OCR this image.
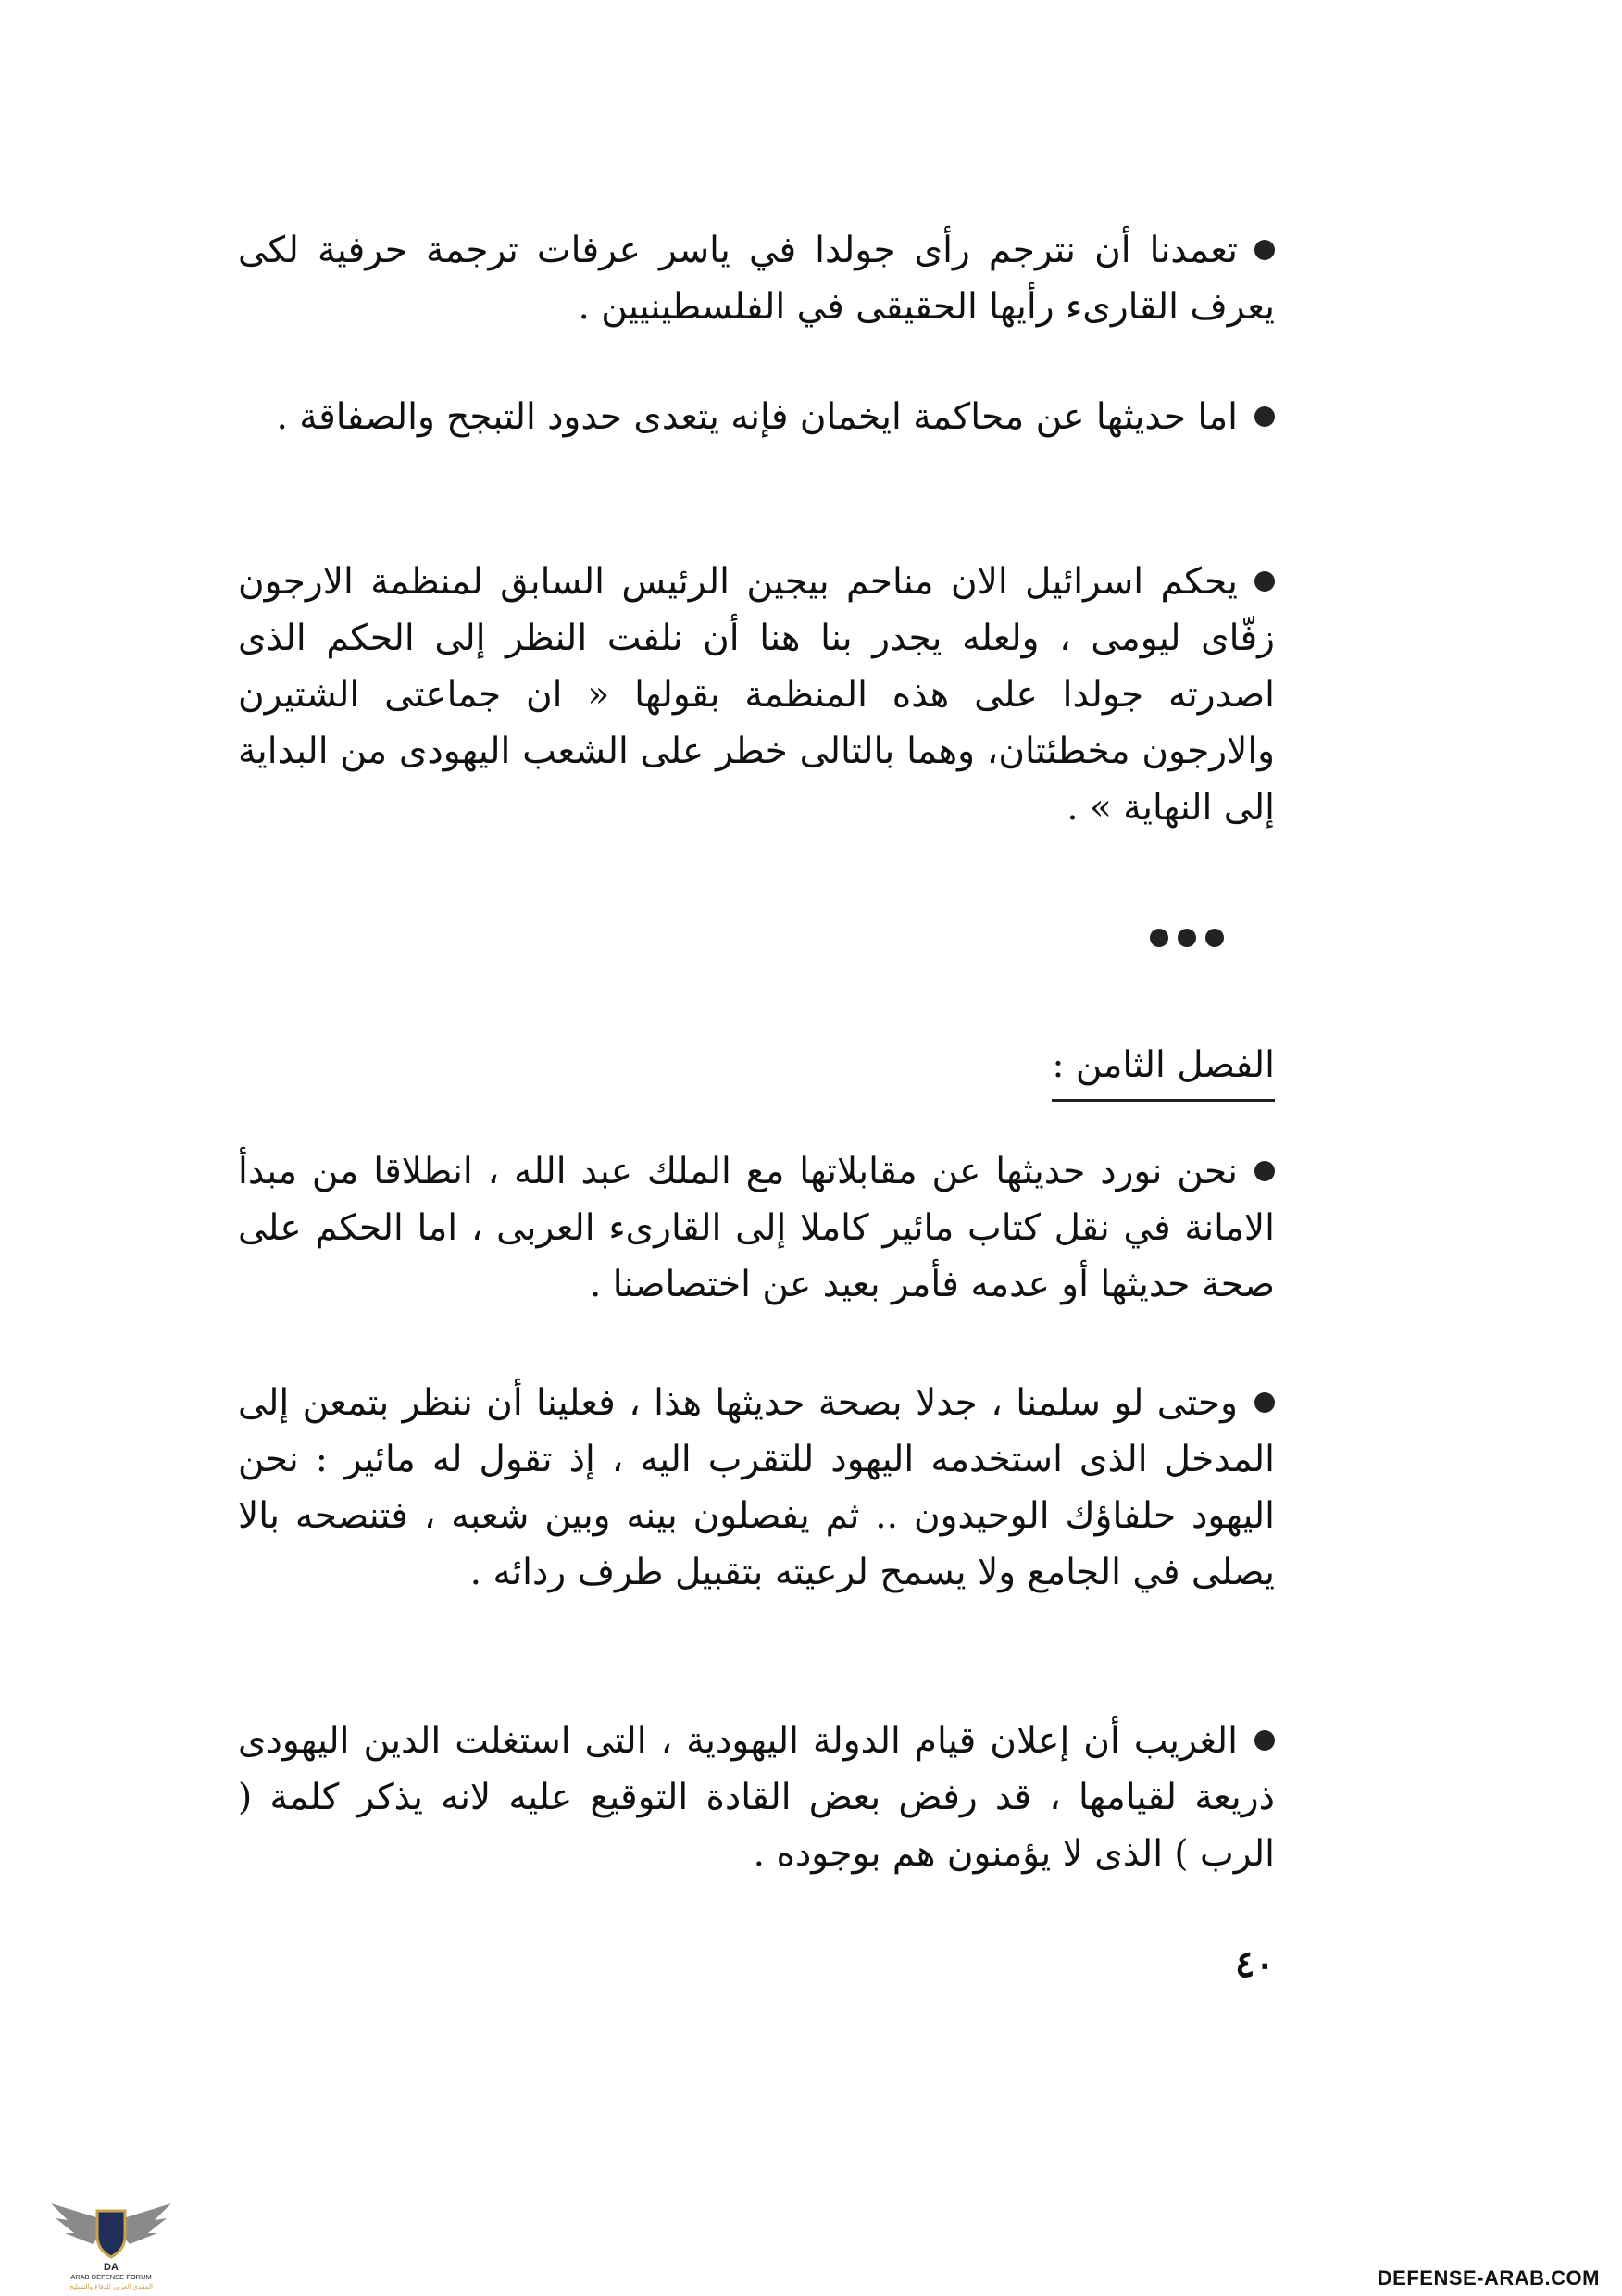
تعمدنا أن نترجم رأى جولدا في ياسر عرفات ترجمة حرفية لكى يعرف القارىء رأيها الحقيقى في الفلسطينيين .

اما حديثها عن محاكمة ايخمان فإنه يتعدى حدود التبجح والصفاقة .

يحكم اسرائيل الان مناحم بيجين الرئيس السابق لمنظمة الارجون زفّاى ليومى ، ولعله يجدر بنا هنا أن نلفت النظر إلى الحكم الذى اصدرته جولدا على هذه المنظمة بقولها « ان جماعتى الشتيرن والارجون مخطئتان، وهما بالتالى خطر على الشعب اليهودى من البداية إلى النهاية » .

الفصل الثامن :

نحن نورد حديثها عن مقابلاتها مع الملك عبد الله ، انطلاقا من مبدأ الامانة في نقل كتاب مائير كاملا إلى القارىء العربى ، اما الحكم على صحة حديثها أو عدمه فأمر بعيد عن اختصاصنا .

وحتى لو سلمنا ، جدلا بصحة حديثها هذا ، فعلينا أن ننظر بتمعن إلى المدخل الذى استخدمه اليهود للتقرب اليه ، إذ تقول له مائير : نحن اليهود حلفاؤك الوحيدون .. ثم يفصلون بينه وبين شعبه ، فتنصحه بالا يصلى في الجامع ولا يسمح لرعيته بتقبيل طرف ردائه .

الغريب أن إعلان قيام الدولة اليهودية ، التى استغلت الدين اليهودى ذريعة لقيامها ، قد رفض بعض القادة التوقيع عليه لانه يذكر كلمة ( الرب ) الذى لا يؤمنون هم بوجوده .

٤٠
DA
ARAB DEFENSE FORUM
المنتدى العربي للدفاع والتسليح	DEFENSE-ARAB.COM
